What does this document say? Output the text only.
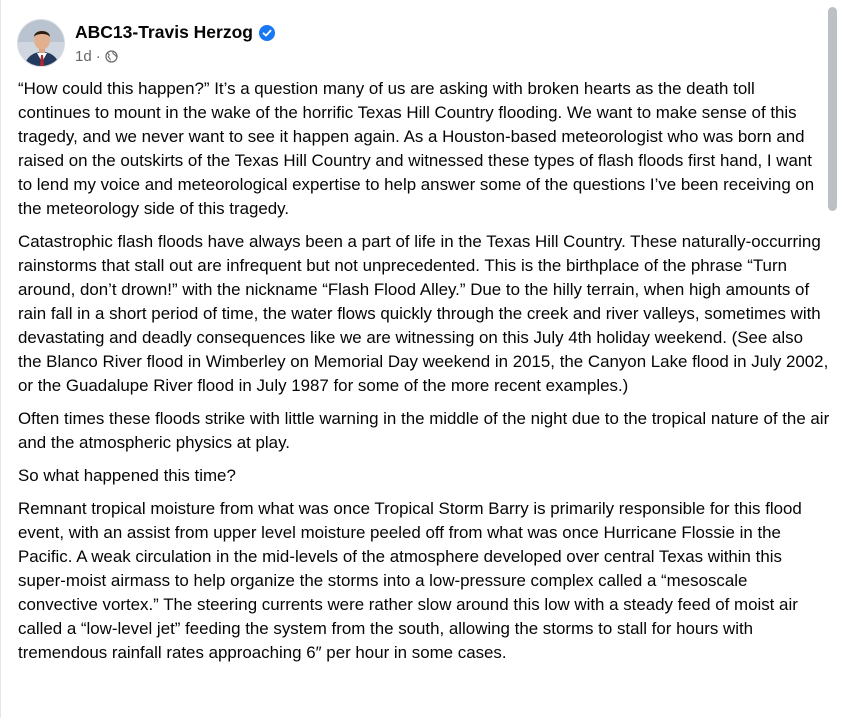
ABC13-Travis Herzog
1d ·

“How could this happen?” It’s a question many of us are asking with broken hearts as the death toll continues to mount in the wake of the horrific Texas Hill Country flooding. We want to make sense of this tragedy, and we never want to see it happen again. As a Houston-based meteorologist who was born and raised on the outskirts of the Texas Hill Country and witnessed these types of flash floods first hand, I want to lend my voice and meteorological expertise to help answer some of the questions I’ve been receiving on the meteorology side of this tragedy.

Catastrophic flash floods have always been a part of life in the Texas Hill Country. These naturally-occurring rainstorms that stall out are infrequent but not unprecedented. This is the birthplace of the phrase “Turn around, don’t drown!” with the nickname “Flash Flood Alley.” Due to the hilly terrain, when high amounts of rain fall in a short period of time, the water flows quickly through the creek and river valleys, sometimes with devastating and deadly consequences like we are witnessing on this July 4th holiday weekend. (See also the Blanco River flood in Wimberley on Memorial Day weekend in 2015, the Canyon Lake flood in July 2002, or the Guadalupe River flood in July 1987 for some of the more recent examples.)

Often times these floods strike with little warning in the middle of the night due to the tropical nature of the air and the atmospheric physics at play.

So what happened this time?

Remnant tropical moisture from what was once Tropical Storm Barry is primarily responsible for this flood event, with an assist from upper level moisture peeled off from what was once Hurricane Flossie in the Pacific. A weak circulation in the mid-levels of the atmosphere developed over central Texas within this super-moist airmass to help organize the storms into a low-pressure complex called a “mesoscale convective vortex.” The steering currents were rather slow around this low with a steady feed of moist air called a “low-level jet” feeding the system from the south, allowing the storms to stall for hours with tremendous rainfall rates approaching 6″ per hour in some cases.
